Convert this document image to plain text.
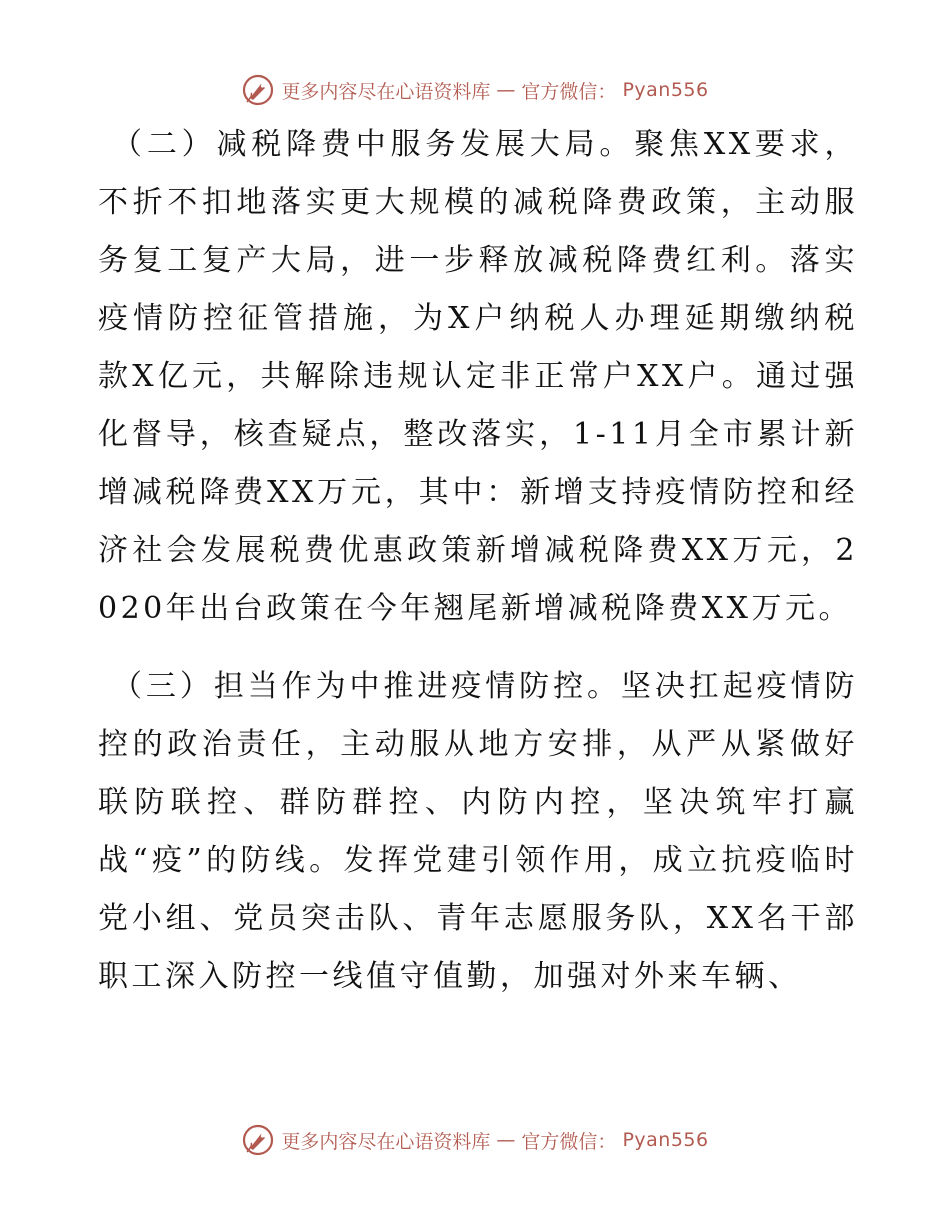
更多内容尽在心语资料库 — 官方微信： Pyan556

（二）减税降费中服务发展大局。聚焦XX要求，不折不扣地落实更大规模的减税降费政策，主动服务复工复产大局，进一步释放减税降费红利。落实疫情防控征管措施，为X户纳税人办理延期缴纳税款X亿元，共解除违规认定非正常户XX户。通过强化督导，核查疑点，整改落实，1-11月全市累计新增减税降费XX万元，其中：新增支持疫情防控和经济社会发展税费优惠政策新增减税降费XX万元，2020年出台政策在今年翘尾新增减税降费XX万元。

（三）担当作为中推进疫情防控。坚决扛起疫情防控的政治责任，主动服从地方安排，从严从紧做好联防联控、群防群控、内防内控，坚决筑牢打赢战“疫”的防线。发挥党建引领作用，成立抗疫临时党小组、党员突击队、青年志愿服务队，XX名干部职工深入防控一线值守值勤，加强对外来车辆、

更多内容尽在心语资料库 — 官方微信： Pyan556
